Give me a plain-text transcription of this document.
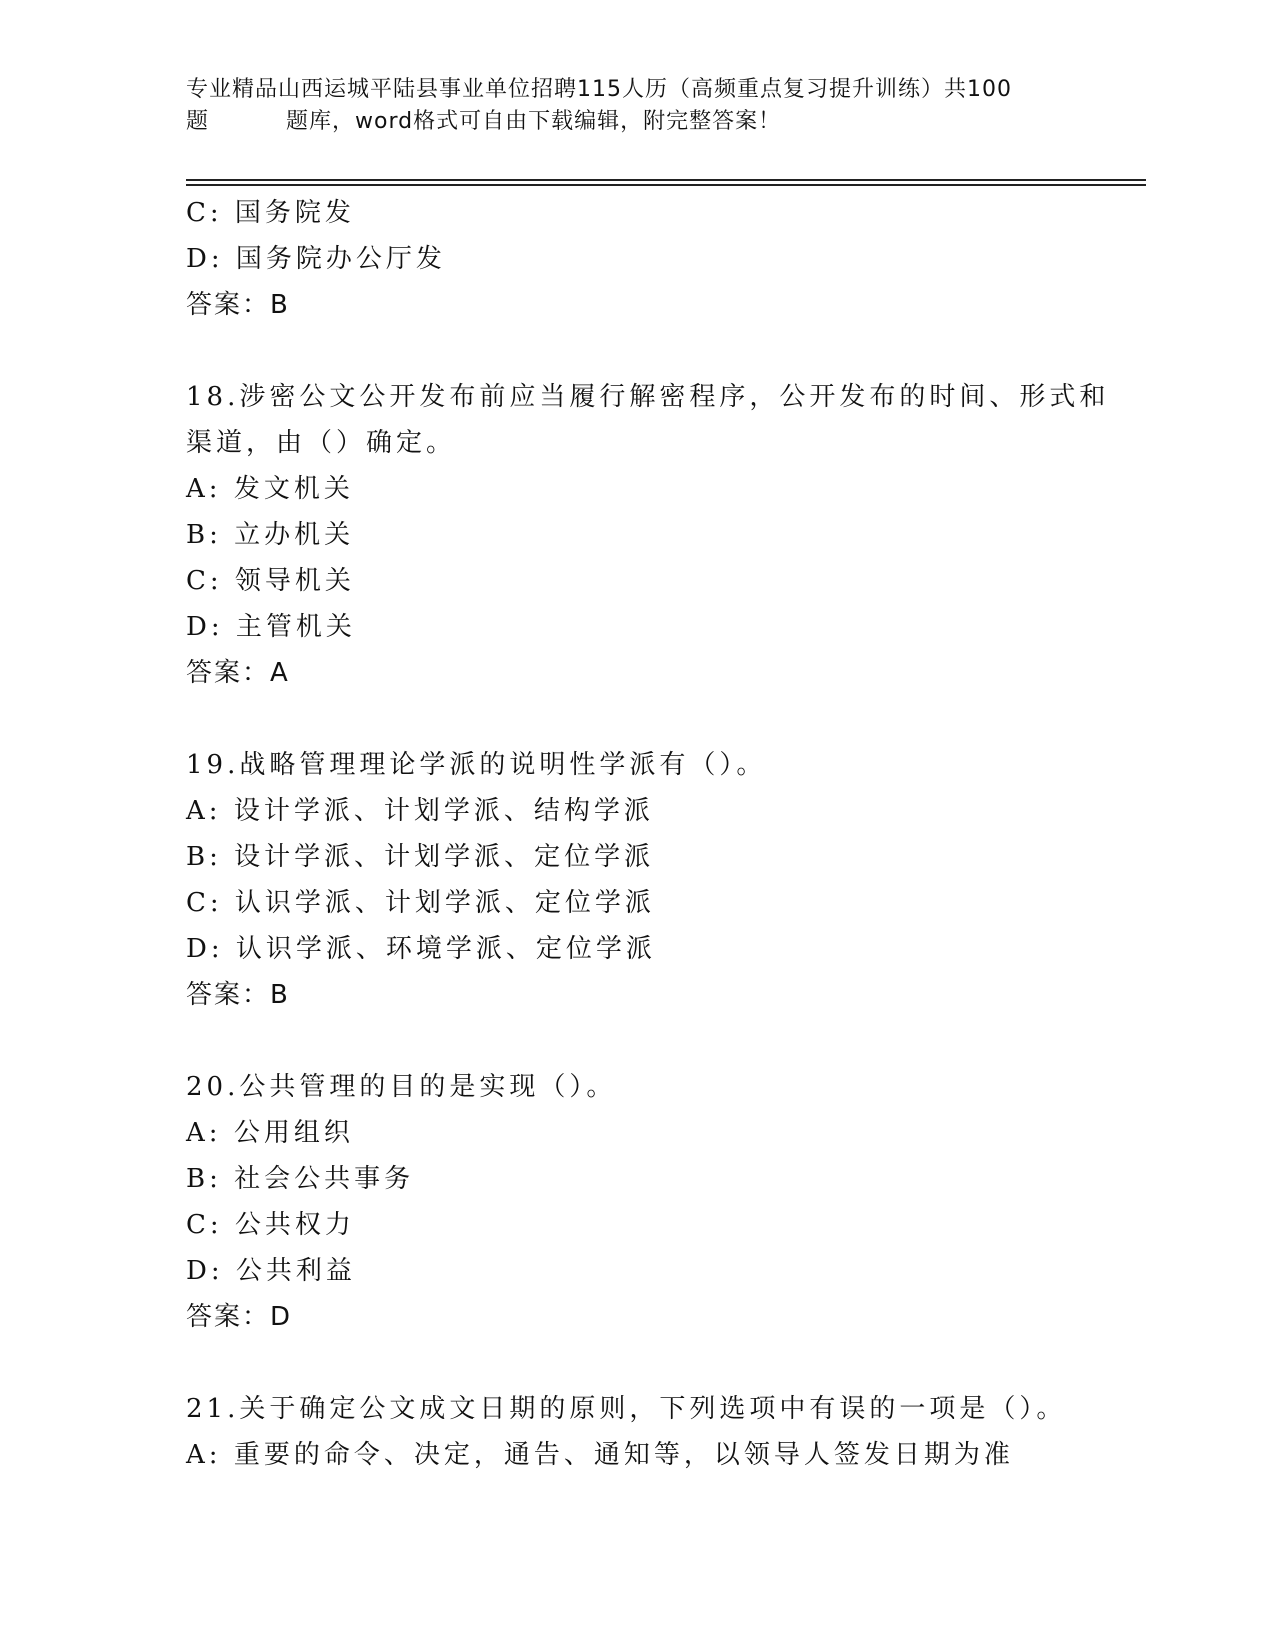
专业精品山西运城平陆县事业单位招聘115人历（高频重点复习提升训练）共100
题	题库，word格式可自由下载编辑，附完整答案！
C: 国务院发
D: 国务院办公厅发
答案：B
18.涉密公文公开发布前应当履行解密程序，公开发布的时间、形式和
渠道，由（）确定。
A: 发文机关
B: 立办机关
C: 领导机关
D: 主管机关
答案：A
19.战略管理理论学派的说明性学派有（）。
A: 设计学派、计划学派、结构学派
B: 设计学派、计划学派、定位学派
C: 认识学派、计划学派、定位学派
D: 认识学派、环境学派、定位学派
答案：B
20.公共管理的目的是实现（）。
A: 公用组织
B: 社会公共事务
C: 公共权力
D: 公共利益
答案：D
21.关于确定公文成文日期的原则，下列选项中有误的一项是（）。
A: 重要的命令、决定，通告、通知等，以领导人签发日期为准
